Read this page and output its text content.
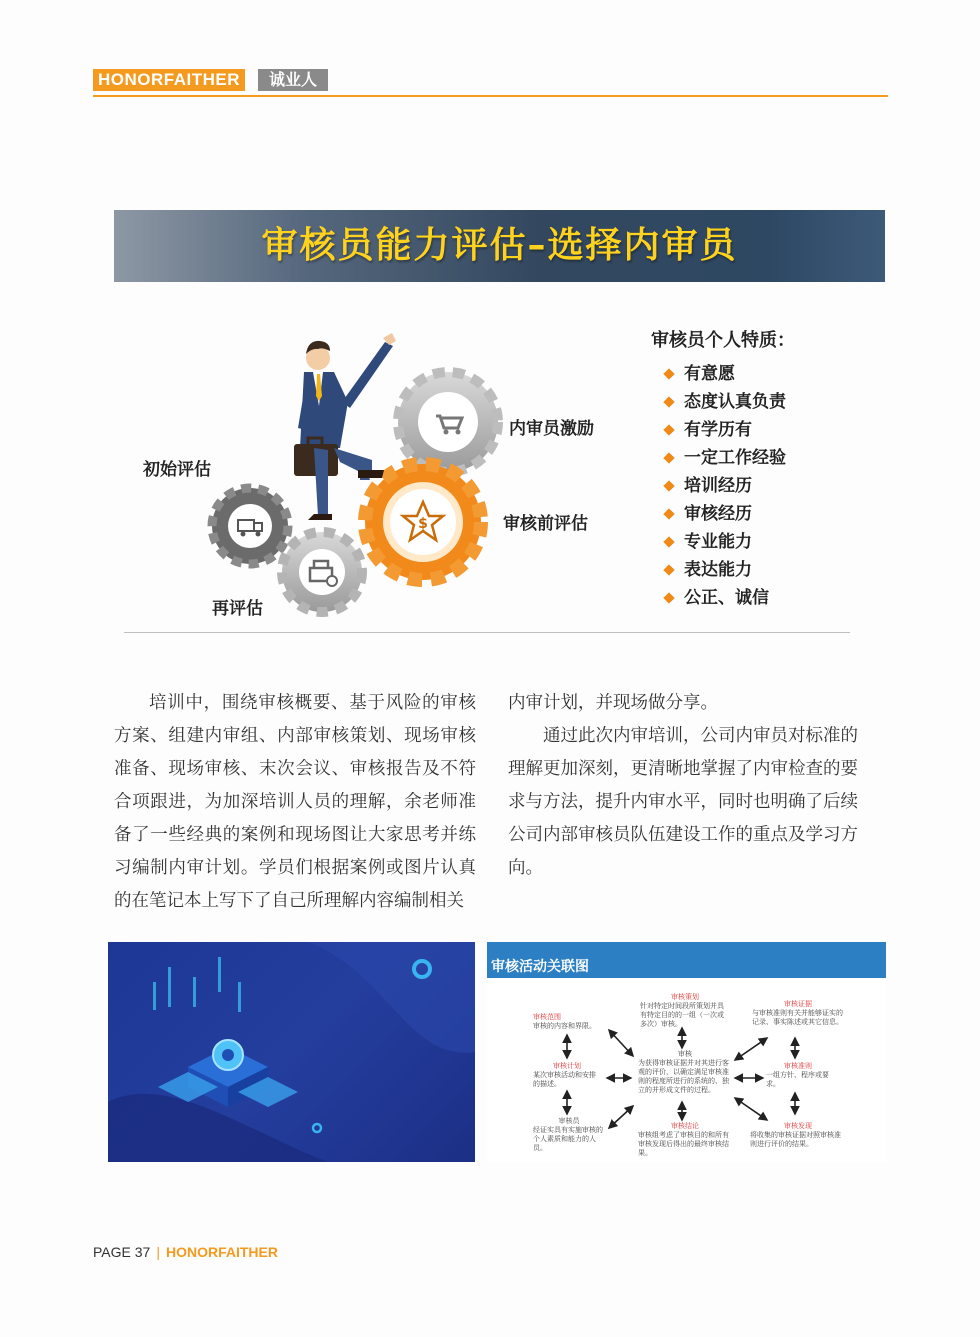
HONORFAITHER	诚业人
审核员能力评估–选择内审员
$
初始评估
内审员激励
审核前评估
再评估
审核员个人特质：
有意愿
态度认真负责
有学历有
一定工作经验
培训经历
审核经历
专业能力
表达能力
公正、诚信

培训中，围绕审核概要、基于风险的审核方案、组建内审组、内部审核策划、现场审核准备、现场审核、末次会议、审核报告及不符合项跟进，为加深培训人员的理解，余老师准备了一些经典的案例和现场图让大家思考并练习编制内审计划。学员们根据案例或图片认真的在笔记本上写下了自己所理解内容编制相关

内审计划，并现场做分享。

通过此次内审培训，公司内审员对标准的理解更加深刻，更清晰地掌握了内审检查的要求与方法，提升内审水平，同时也明确了后续公司内部审核员队伍建设工作的重点及学习方向。

审核活动关联图
审核范围
审核的内容和界限。
审核策划
针对特定时间段所策划并具有特定目的的一组（一次或多次）审核。
审核证据
与审核准则有关并能够证实的记录、事实陈述或其它信息。
审核计划
某次审核活动和安排的描述。
审核
为获得审核证据并对其进行客观的评价，以确定满足审核准则的程度所进行的系统的、独立的并形成文件的过程。
审核准则
一组方针、程序或要求。
审核员
经证实具有实施审核的个人素质和能力的人员。
审核结论
审核组考虑了审核目的和所有审核发现后得出的最终审核结果。
审核发现
将收集的审核证据对照审核准则进行评价的结果。
PAGE 37 | HONORFAITHER
